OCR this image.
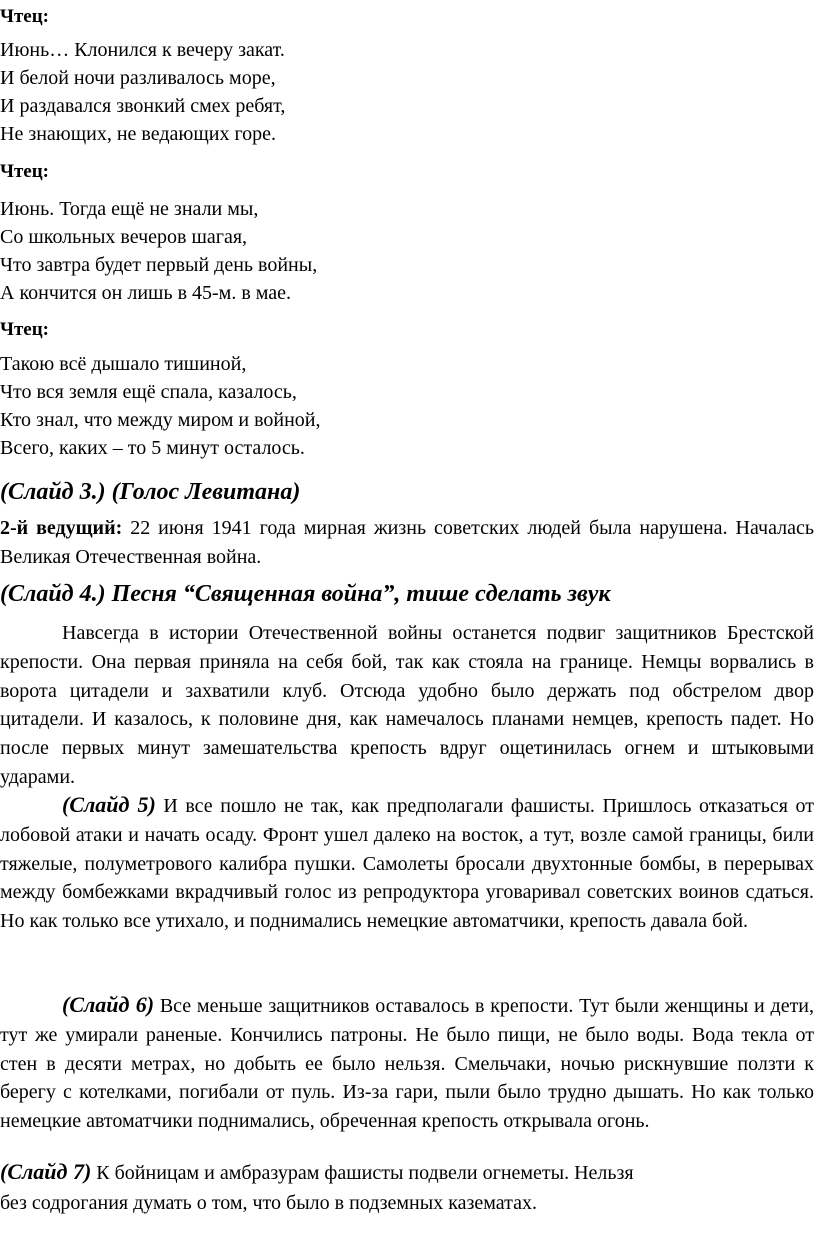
Чтец:

Июнь… Клонился к вечеру закат.
И белой ночи разливалось море,
И раздавался звонкий смех ребят,
Не знающих, не ведающих горе.

Чтец:

Июнь. Тогда ещё не знали мы,
Со школьных вечеров шагая,
Что завтра будет первый день войны,
А кончится он лишь в 45-м. в мае.

Чтец:

Такою всё дышало тишиной,
Что вся земля ещё спала, казалось,
Кто знал, что между миром и войной,
Всего, каких – то 5 минут осталось.

(Слайд 3.) (Голос Левитана)

2-й ведущий: 22 июня 1941 года мирная жизнь советских людей была нарушена. Началась Великая Отечественная война.

(Слайд 4.) Песня “Священная война”, тише сделать звук

Навсегда в истории Отечественной войны останется подвиг защитников Брестской крепости. Она первая приняла на себя бой, так как стояла на границе. Немцы ворвались в ворота цитадели и захватили клуб. Отсюда удобно было держать под обстрелом двор цитадели. И казалось, к половине дня, как намечалось планами немцев, крепость падет. Но после первых минут замешательства крепость вдруг ощетинилась огнем и штыковыми ударами.

(Слайд 5) И все пошло не так, как предполагали фашисты. Пришлось отказаться от лобовой атаки и начать осаду. Фронт ушел далеко на восток, а тут, возле самой границы, били тяжелые, полуметрового калибра пушки. Самолеты бросали двухтонные бомбы, в перерывах между бомбежками вкрадчивый голос из репродуктора уговаривал советских воинов сдаться. Но как только все утихало, и поднимались немецкие автоматчики, крепость давала бой.

(Слайд 6) Все меньше защитников оставалось в крепости. Тут были женщины и дети, тут же умирали раненые. Кончились патроны. Не было пищи, не было воды. Вода текла от стен в десяти метрах, но добыть ее было нельзя. Смельчаки, ночью рискнувшие ползти к берегу с котелками, погибали от пуль. Из-за гари, пыли было трудно дышать. Но как только немецкие автоматчики поднимались, обреченная крепость открывала огонь.

(Слайд 7) К бойницам и амбразурам фашисты подвели огнеметы. Нельзя
без содрогания думать о том, что было в подземных казематах.
